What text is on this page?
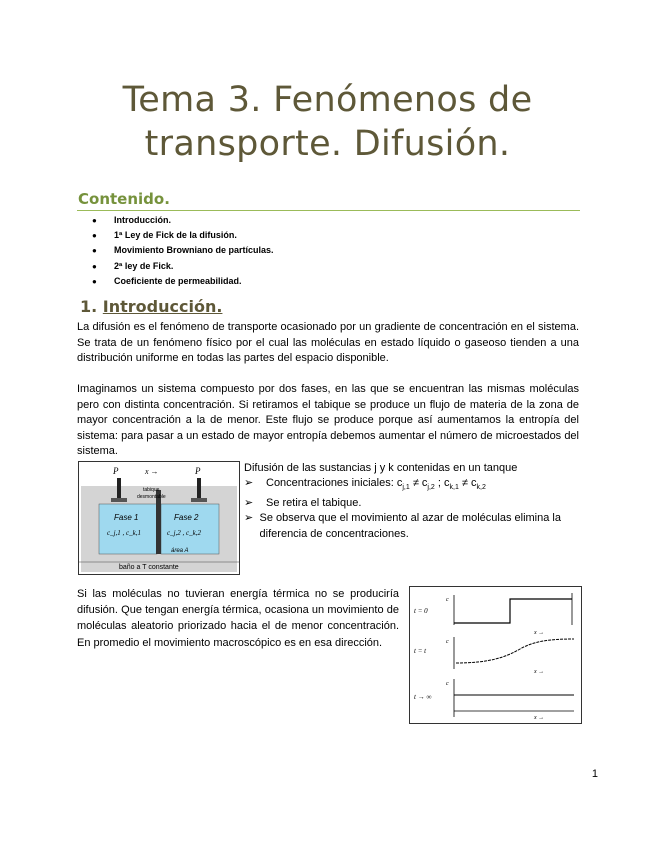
Tema 3. Fenómenos de
transporte. Difusión.
Contenido.
●	Introducción.
●	1ª Ley de Fick de la difusión.
●	Movimiento Browniano de partículas.
●	2ª ley de Fick.
●	Coeficiente de permeabilidad.
1. Introducción.

La difusión es el fenómeno de transporte ocasionado por un gradiente de concentración en el sistema. Se trata de un fenómeno físico por el cual las moléculas en estado líquido o gaseoso tienden a una distribución uniforme en todas las partes del espacio disponible.

Imaginamos un sistema compuesto por dos fases, en las que se encuentran las mismas moléculas pero con distinta concentración. Si retiramos el tabique se produce un flujo de materia de la zona de mayor concentración a la de menor. Este flujo se produce porque así aumentamos la entropía del sistema: para pasar a un estado de mayor entropía debemos aumentar el número de microestados del sistema.

P	x →	P
tabique
desmontable
Fase 1
c_j,1 , c_k,1
Fase 2
c_j,2 , c_k,2
área A
baño a T constante
Difusión de las sustancias j y k contenidas en un tanque
➢	Concentraciones iniciales: $c_{j,1} \ne c_{j,2}$ ; $c_{k,1} \ne c_{k,2}$
➢	Se retira el tabique.
➢ Se observa que el movimiento al azar de moléculas elimina la diferencia de concentraciones.

Si las moléculas no tuvieran energía térmica no se produciría difusión. Que tengan energía térmica, ocasiona un movimiento de moléculas aleatorio priorizado hacia el de menor concentración. En promedio el movimiento macroscópico es en esa dirección.

t = 0
t = t
t → ∞
c
c
c
x →
x →
x →
1
